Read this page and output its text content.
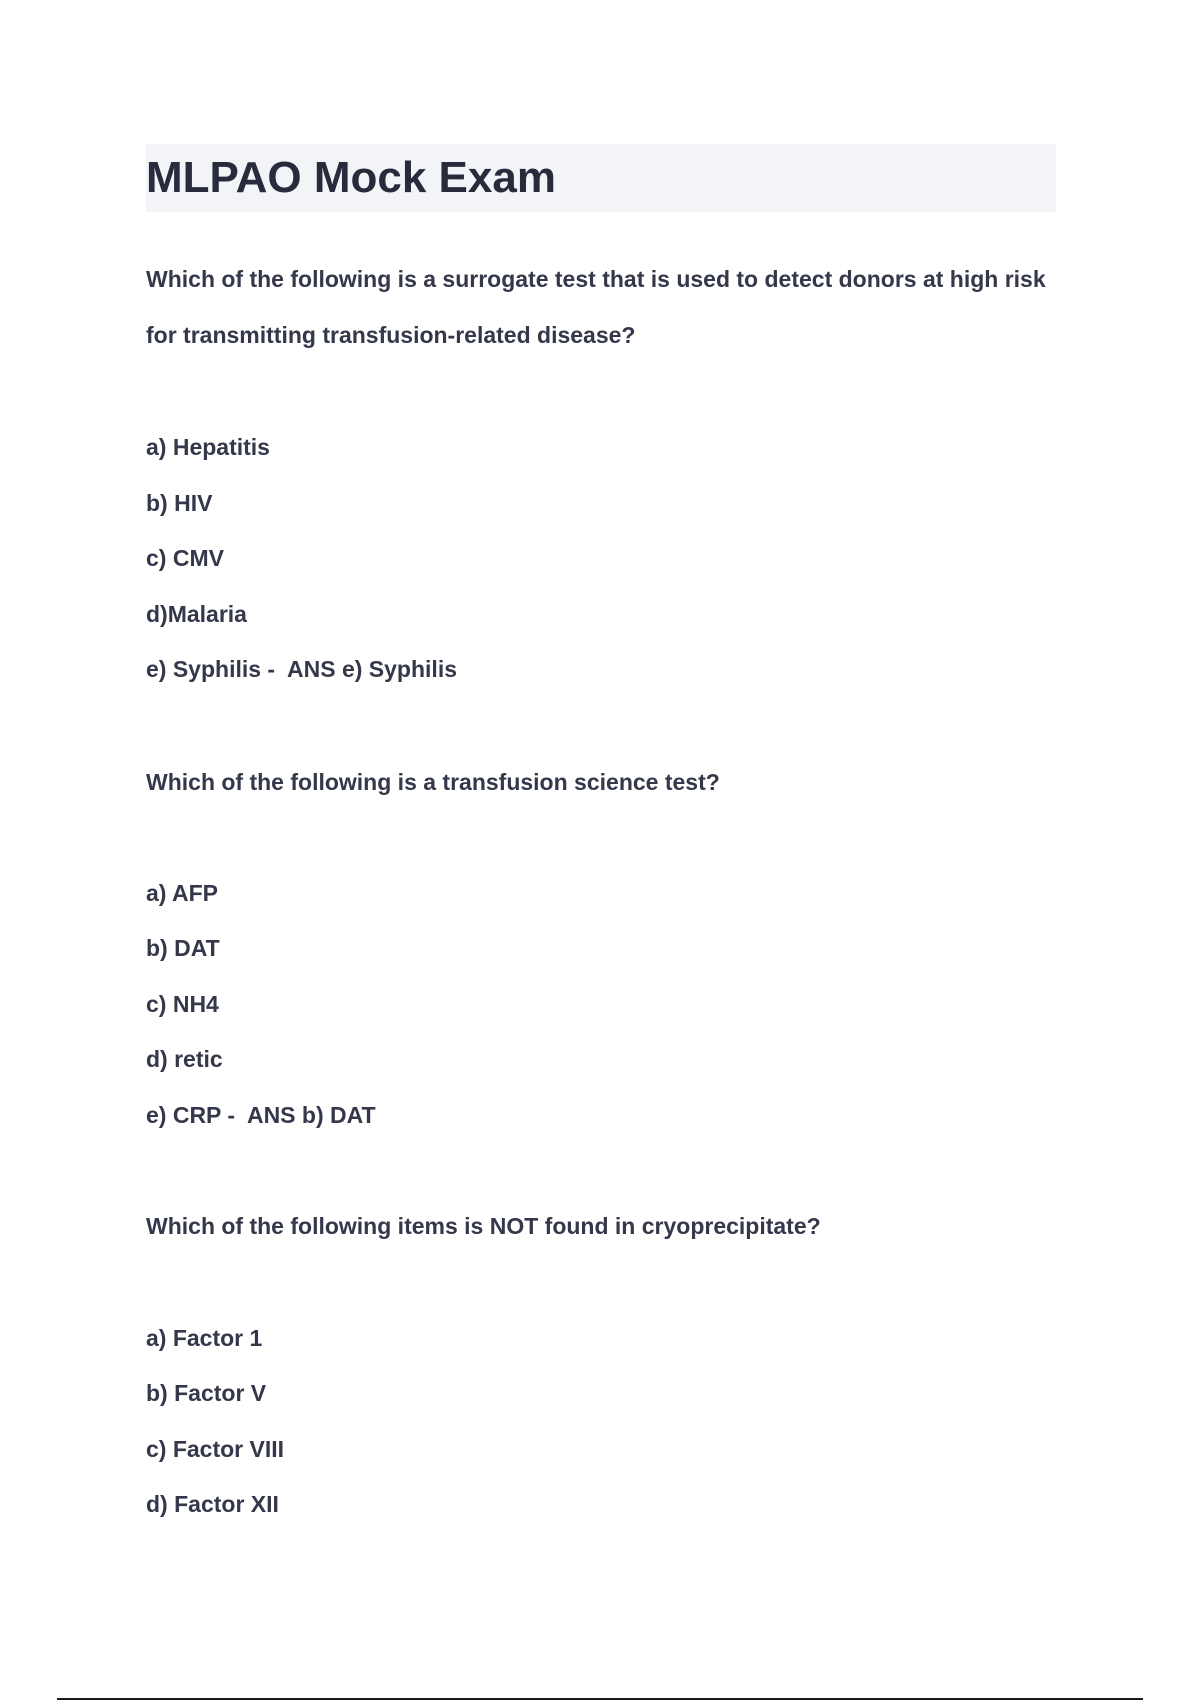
MLPAO Mock Exam

Which of the following is a surrogate test that is used to detect donors at high risk for transmitting transfusion-related disease?

a) Hepatitis

b) HIV

c) CMV

d)Malaria

e) Syphilis -  ANS e) Syphilis

Which of the following is a transfusion science test?

a) AFP

b) DAT

c) NH4

d) retic

e) CRP -  ANS b) DAT

Which of the following items is NOT found in cryoprecipitate?

a) Factor 1

b) Factor V

c) Factor VIII

d) Factor XII
